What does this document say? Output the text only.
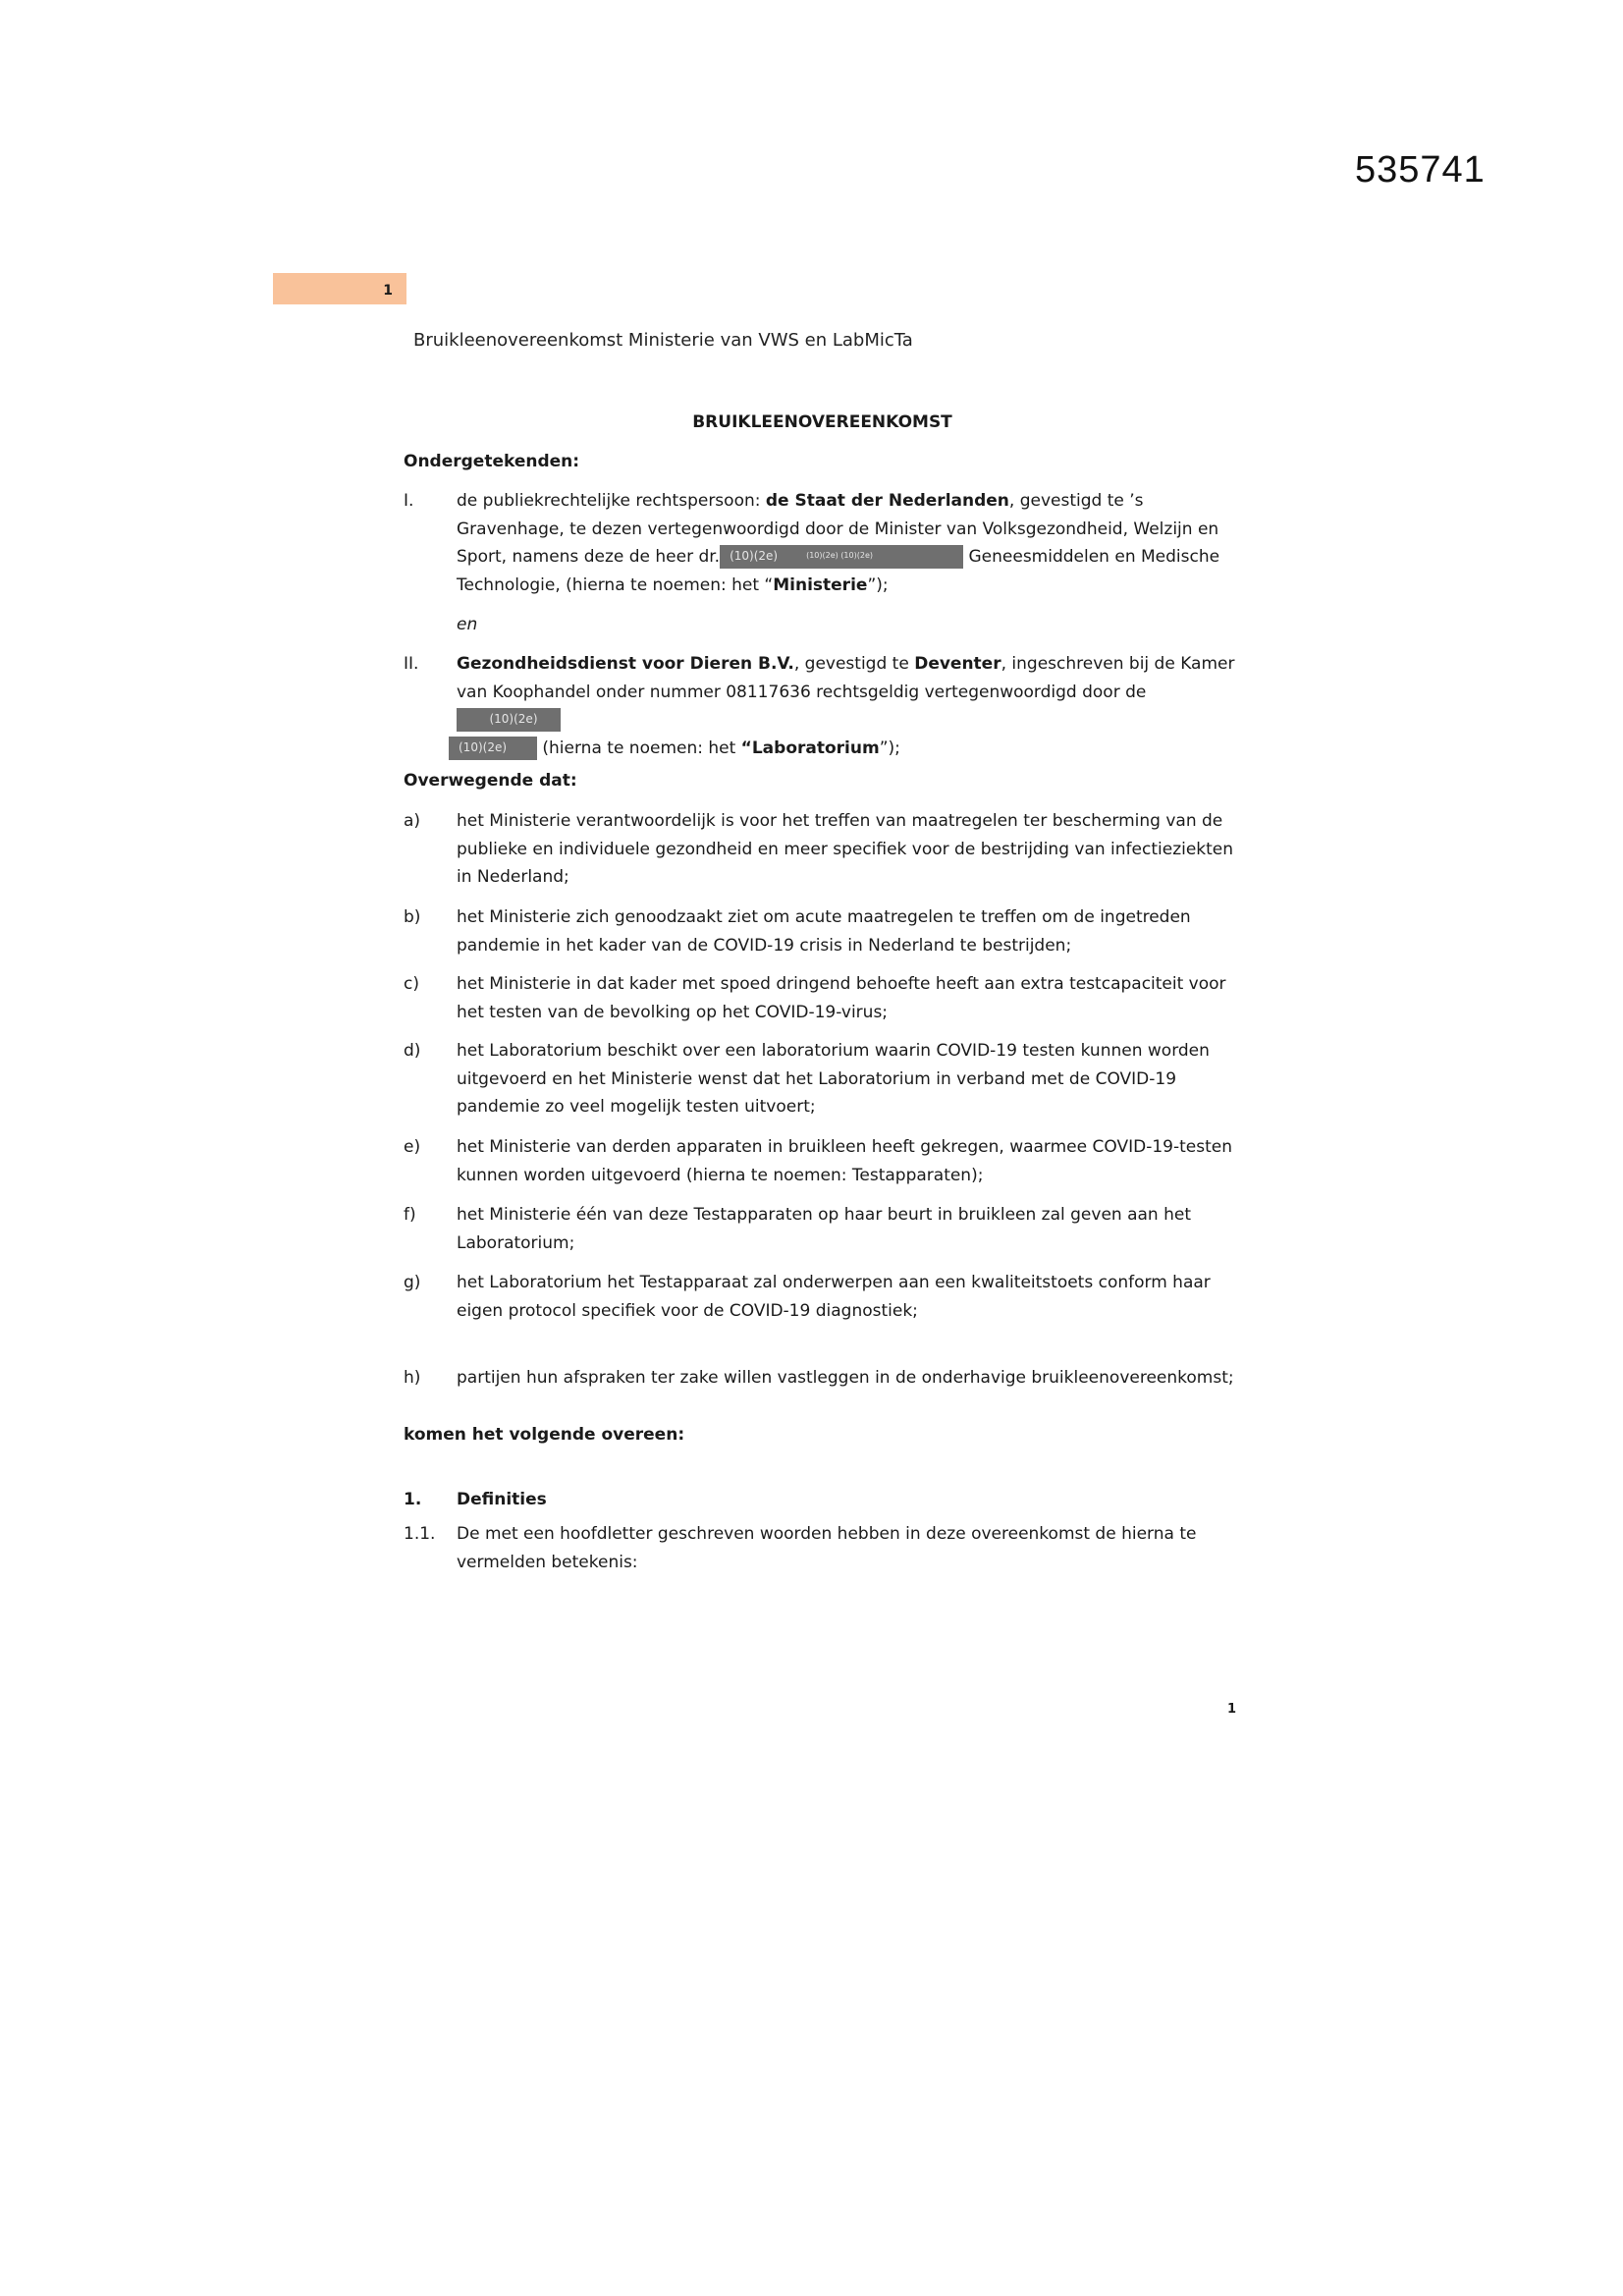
535741
1
Bruikleenovereenkomst Ministerie van VWS en LabMicTa
BRUIKLEENOVEREENKOMST
Ondergetekenden:
I.	de publiekrechtelijke rechtspersoon: de Staat der Nederlanden, gevestigd te ’s Gravenhage, te dezen vertegenwoordigd door de Minister van Volksgezondheid, Welzijn en Sport, namens deze de heer dr. (10)(2e)	(10)(2e) (10)(2e)	Geneesmiddelen en Medische Technologie, (hierna te noemen: het “Ministerie”);
en
II. Gezondheidsdienst voor Dieren B.V., gevestigd te Deventer, ingeschreven bij de Kamer van Koophandel onder nummer 08117636 rechtsgeldig vertegenwoordigd door de(10)(2e)
(10)(2e) (hierna te noemen: het “Laboratorium”);
Overwegende dat:
a) het Ministerie verantwoordelijk is voor het treffen van maatregelen ter bescherming van de publieke en individuele gezondheid en meer specifiek voor de bestrijding van infectieziekten in Nederland;
b) het Ministerie zich genoodzaakt ziet om acute maatregelen te treffen om de ingetreden pandemie in het kader van de COVID-19 crisis in Nederland te bestrijden;
c) het Ministerie in dat kader met spoed dringend behoefte heeft aan extra testcapaciteit voor het testen van de bevolking op het COVID-19-virus;
d) het Laboratorium beschikt over een laboratorium waarin COVID-19 testen kunnen worden uitgevoerd en het Ministerie wenst dat het Laboratorium in verband met de COVID-19 pandemie zo veel mogelijk testen uitvoert;
e) het Ministerie van derden apparaten in bruikleen heeft gekregen, waarmee COVID-19-testen kunnen worden uitgevoerd (hierna te noemen: Testapparaten);
f) het Ministerie één van deze Testapparaten op haar beurt in bruikleen zal geven aan het Laboratorium;
g) het Laboratorium het Testapparaat zal onderwerpen aan een kwaliteitstoets conform haar eigen protocol specifiek voor de COVID-19 diagnostiek;
h) partijen hun afspraken ter zake willen vastleggen in de onderhavige bruikleenovereenkomst;
komen het volgende overeen:
1. Definities
1.1. De met een hoofdletter geschreven woorden hebben in deze overeenkomst de hierna te vermelden betekenis:
1
